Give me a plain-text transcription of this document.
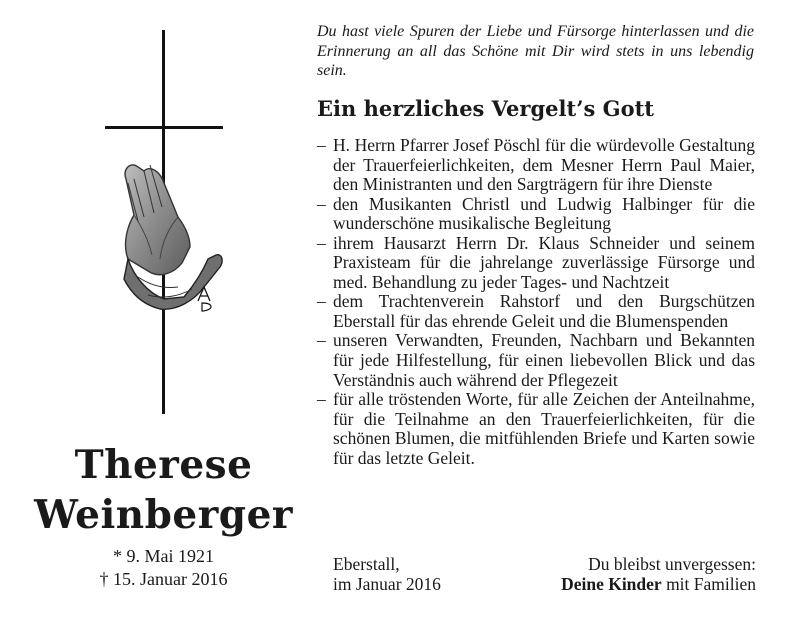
Therese
Weinberger
* 9. Mai 1921
† 15. Januar 2016
Du hast viele Spuren der Liebe und Fürsorge hinterlassen und die Erinnerung an all das Schöne mit Dir wird stets in uns lebendig sein.
Ein herzliches Vergelt’s Gott
– H. Herrn Pfarrer Josef Pöschl für die würdevolle Gestaltung der Trauerfeierlichkeiten, dem Mesner Herrn Paul Maier, den Ministranten und den Sargträgern für ihre Dienste
– den Musikanten Christl und Ludwig Halbinger für die wunderschöne musikalische Begleitung
– ihrem Hausarzt Herrn Dr. Klaus Schneider und seinem Praxisteam für die jahrelange zuverlässige Fürsorge und med. Behandlung zu jeder Tages- und Nachtzeit
– dem Trachtenverein Rahstorf und den Burgschützen Eberstall für das ehrende Geleit und die Blumenspenden
– unseren Verwandten, Freunden, Nachbarn und Bekannten für jede Hilfestellung, für einen liebevollen Blick und das Verständnis auch während der Pflegezeit
– für alle tröstenden Worte, für alle Zeichen der Anteilnahme, für die Teilnahme an den Trauerfeierlichkeiten, für die schönen Blumen, die mitfühlenden Briefe und Karten sowie für das letzte Geleit.
Eberstall,
im Januar 2016
Du bleibst unvergessen:
Deine Kinder mit Familien
